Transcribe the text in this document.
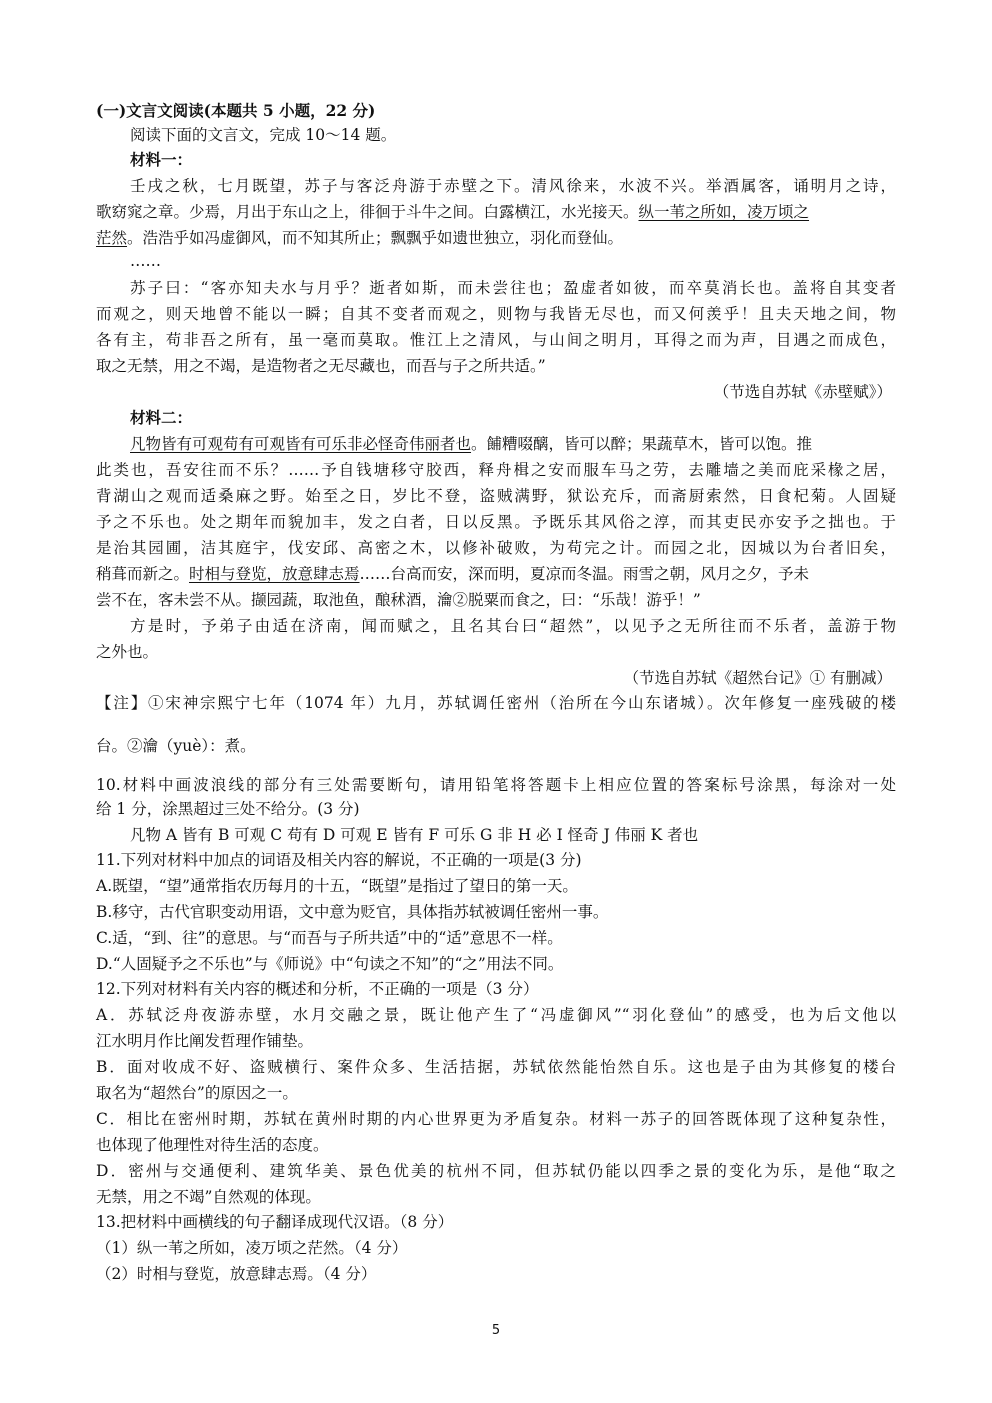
(一)文言文阅读(本题共 5 小题，22 分)
阅读下面的文言文，完成 10～14 题。
材料一：
壬戌之秋，七月既望，苏子与客泛舟游于赤壁之下。清风徐来，水波不兴。举酒属客，诵明月之诗，
歌窈窕之章。少焉，月出于东山之上，徘徊于斗牛之间。白露横江，水光接天。纵一苇之所如，凌万顷之
茫然。浩浩乎如冯虚御风，而不知其所止；飘飘乎如遗世独立，羽化而登仙。
……
苏子曰：“客亦知夫水与月乎？逝者如斯，而未尝往也；盈虚者如彼，而卒莫消长也。盖将自其变者
而观之，则天地曾不能以一瞬；自其不变者而观之，则物与我皆无尽也，而又何羡乎！且夫天地之间，物
各有主，苟非吾之所有，虽一毫而莫取。惟江上之清风，与山间之明月，耳得之而为声，目遇之而成色，
取之无禁，用之不竭，是造物者之无尽藏也，而吾与子之所共适。”
（节选自苏轼《赤壁赋》）
材料二：
凡物皆有可观苟有可观皆有可乐非必怪奇伟丽者也。餔糟啜醨，皆可以醉；果蔬草木，皆可以饱。推
此类也，吾安往而不乐？……予自钱塘移守胶西，释舟楫之安而服车马之劳，去雕墙之美而庇采椽之居，
背湖山之观而适桑麻之野。始至之日，岁比不登，盗贼满野，狱讼充斥，而斋厨索然，日食杞菊。人固疑
予之不乐也。处之期年而貌加丰，发之白者，日以反黑。予既乐其风俗之淳，而其吏民亦安予之拙也。于
是治其园圃，洁其庭宇，伐安邱、高密之木，以修补破败，为苟完之计。而园之北，因城以为台者旧矣，
稍葺而新之。时相与登览，放意肆志焉……台高而安，深而明，夏凉而冬温。雨雪之朝，风月之夕，予未
尝不在，客未尝不从。撷园蔬，取池鱼，酿秫酒，瀹②脱粟而食之，曰：“乐哉！游乎！”
方是时，予弟子由适在济南，闻而赋之，且名其台曰“超然”，以见予之无所往而不乐者，盖游于物
之外也。
（节选自苏轼《超然台记》① 有删减）
【注】①宋神宗熙宁七年（1074 年）九月，苏轼调任密州（治所在今山东诸城）。次年修复一座残破的楼
台。②瀹（yuè）：煮。
10.材料中画波浪线的部分有三处需要断句，请用铅笔将答题卡上相应位置的答案标号涂黑，每涂对一处
给 1 分，涂黑超过三处不给分。(3 分)
凡物 A 皆有 B 可观 C 苟有 D 可观 E 皆有 F 可乐 G 非 H 必 I 怪奇 J 伟丽 K 者也
11.下列对材料中加点的词语及相关内容的解说，不正确的一项是(3 分)
A.既望，“望”通常指农历每月的十五，“既望”是指过了望日的第一天。
B.移守，古代官职变动用语，文中意为贬官，具体指苏轼被调任密州一事。
C.适，“到、往”的意思。与“而吾与子所共适”中的“适”意思不一样。
D.“人固疑予之不乐也”与《师说》中“句读之不知”的“之”用法不同。
12.下列对材料有关内容的概述和分析，不正确的一项是（3 分）
A．苏轼泛舟夜游赤壁，水月交融之景，既让他产生了“冯虚御风”“羽化登仙”的感受，也为后文他以
江水明月作比阐发哲理作铺垫。
B．面对收成不好、盗贼横行、案件众多、生活拮据，苏轼依然能怡然自乐。这也是子由为其修复的楼台
取名为“超然台”的原因之一。
C．相比在密州时期，苏轼在黄州时期的内心世界更为矛盾复杂。材料一苏子的回答既体现了这种复杂性，
也体现了他理性对待生活的态度。
D．密州与交通便利、建筑华美、景色优美的杭州不同，但苏轼仍能以四季之景的变化为乐，是他“取之
无禁，用之不竭”自然观的体现。
13.把材料中画横线的句子翻译成现代汉语。（8 分）
（1）纵一苇之所如，凌万顷之茫然。（4 分）
（2）时相与登览，放意肆志焉。（4 分）
5
